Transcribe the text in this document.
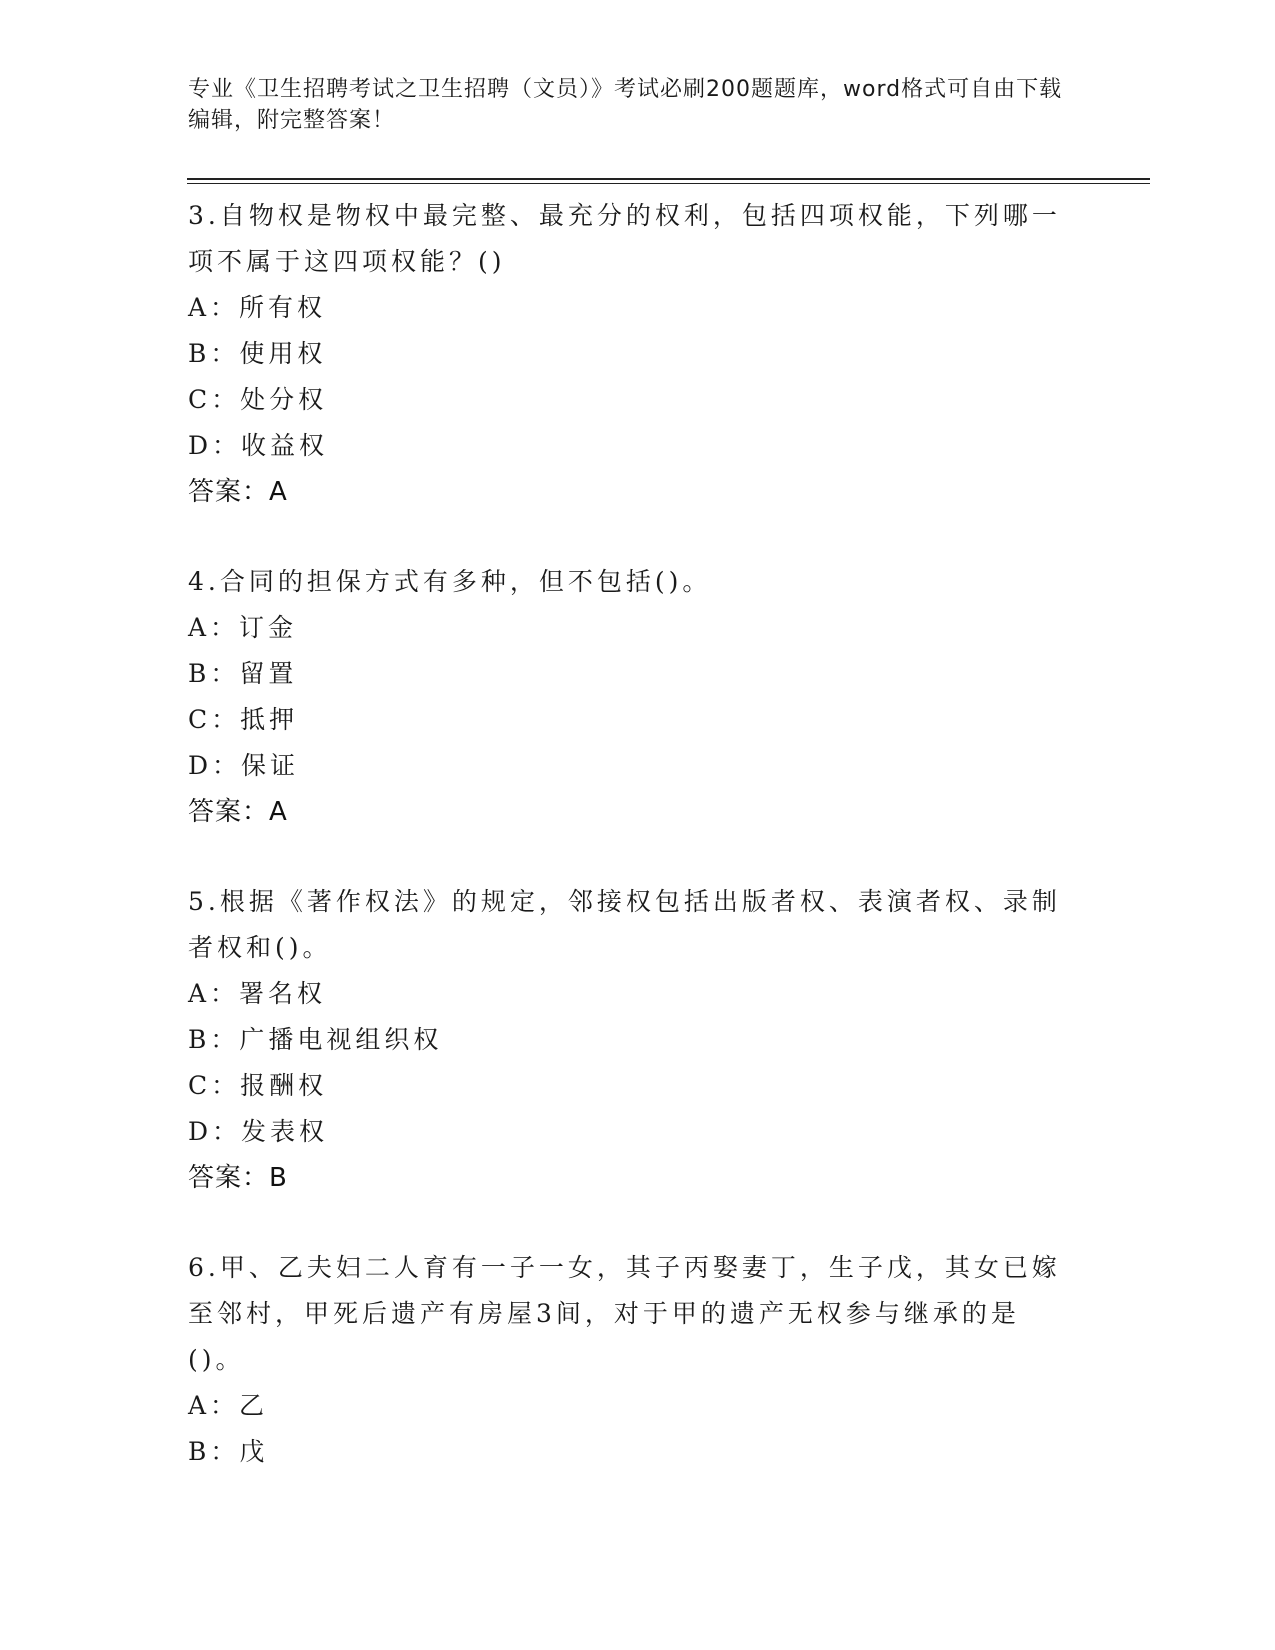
专业《卫生招聘考试之卫生招聘（文员）》考试必刷200题题库，word格式可自由下载编辑，附完整答案！

3.自物权是物权中最完整、最充分的权利，包括四项权能，下列哪一项不属于这四项权能？()

A：所有权

B：使用权

C：处分权

D：收益权

答案：A

4.合同的担保方式有多种，但不包括()。

A：订金

B：留置

C：抵押

D：保证

答案：A

5.根据《著作权法》的规定，邻接权包括出版者权、表演者权、录制者权和()。

A：署名权

B：广播电视组织权

C：报酬权

D：发表权

答案：B

6.甲、乙夫妇二人育有一子一女，其子丙娶妻丁，生子戊，其女已嫁至邻村，甲死后遗产有房屋3间，对于甲的遗产无权参与继承的是()。

A：乙

B：戊
